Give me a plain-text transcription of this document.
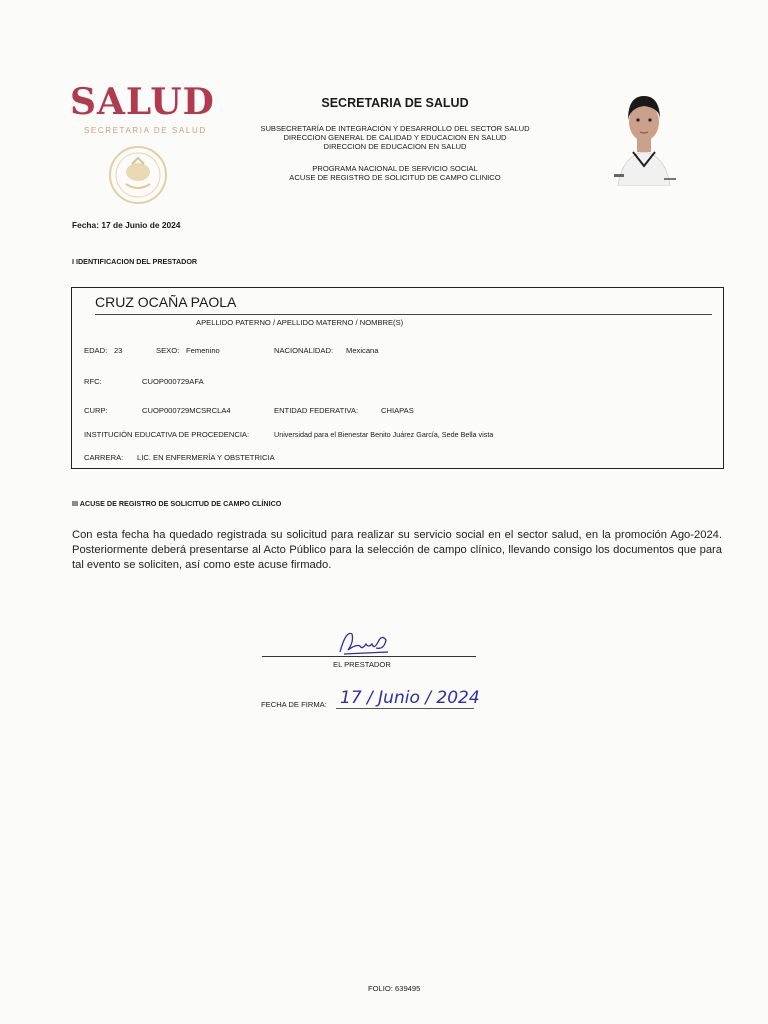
SALUD
SECRETARIA DE SALUD
SECRETARIA DE SALUD
SUBSECRETARÍA DE INTEGRACIÓN Y DESARROLLO DEL SECTOR SALUD
DIRECCION GENERAL DE CALIDAD Y EDUCACION EN SALUD
DIRECCION DE EDUCACION EN SALUD
PROGRAMA NACIONAL DE SERVICIO SOCIAL
ACUSE DE REGISTRO DE SOLICITUD DE CAMPO CLINICO
Fecha: 17 de Junio de 2024
I IDENTIFICACION DEL PRESTADOR
CRUZ OCAÑA PAOLA
APELLIDO PATERNO / APELLIDO MATERNO / NOMBRE(S)
EDAD: 23	SEXO: Femenino	NACIONALIDAD: Mexicana
RFC:	CUOP000729AFA
CURP:	CUOP000729MCSRCLA4	ENTIDAD FEDERATIVA:	CHIAPAS
INSTITUCIÓN EDUCATIVA DE PROCEDENCIA:	Universidad para el Bienestar Benito Juárez García, Sede Bella vista
CARRERA: LIC. EN ENFERMERÍA Y OBSTETRICIA
III ACUSE DE REGISTRO DE SOLICITUD DE CAMPO CLÍNICO
Con esta fecha ha quedado registrada su solicitud para realizar su servicio social en el sector salud, en la promoción Ago-2024. Posteriormente deberá presentarse al Acto Público para la selección de campo clínico, llevando consigo los documentos que para tal evento se soliciten, así como este acuse firmado.
EL PRESTADOR
FECHA DE FIRMA: 17 / Junio / 2024
FOLIO: 639495
